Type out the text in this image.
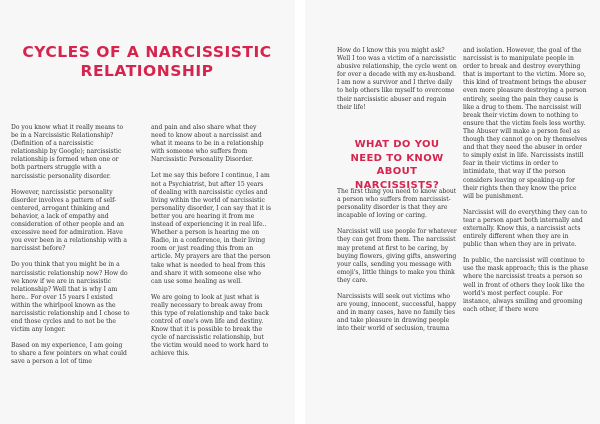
CYCLES OF A NARCISSISTIC RELATIONSHIP

Do you know what it really means to be in a Narcissistic Relationship? (Definition of a narcissistic relationship by Google); narcissistic relationship is formed when one or both partners struggle with a narcissistic personality disorder.

However, narcissistic personality disorder involves a pattern of self-centered, arrogant thinking and behavior, a lack of empathy and consideration of other people and an excessive need for admiration. Have you ever been in a relationship with a narcissist before?

Do you think that you might be in a narcissistic relationship now? How do we know if we are in narcissistic relationship? Well that is why I am here.. For over 15 years I existed within the whirlpool known as the narcissistic relationship and I chose to end those cycles and to not be the victim any longer.

Based on my experience, I am going to share a few pointers on what could save a person a lot of time

and pain and also share what they need to know about a narcissist and what it means to be in a relationship with someone who suffers from Narcissistic Personality Disorder.

Let me say this before I continue, I am not a Psychiatrist, but after 15 years of dealing with narcissistic cycles and living within the world of narcissistic personality disorder, I can say that it is better you are hearing it from me instead of experiencing it in real life.. Whether a person is hearing me on Radio, in a conference, in their living room or just reading this from an article. My prayers are that the person take what is needed to heal from this and share it with someone else who can use some healing as well.

We are going to look at just what is really necessary to break away from this type of relationship and take back control of one's own life and destiny. Know that it is possible to break the cycle of narcissistic relationship, but the victim would need to work hard to achieve this.

How do I know this you might ask? Well I too was a victim of a narcissistic abusive relationship, the cycle went on for over a decade with my ex-husband. I am now a survivor and I thrive daily to help others like myself to overcome their narcissistic abuser and regain their life!

WHAT DO YOU NEED TO KNOW ABOUT NARCISSISTS?

The first thing you need to know about a person who suffers from narcissist-personality disorder is that they are incapable of loving or caring.

Narcissist will use people for whatever they can get from them. The narcissist may pretend at first to be caring, by buying flowers, giving gifts, answering your calls, sending you message with emoji's, little things to make you think they care.

Narcissists will seek out victims who are young, innocent, successful, happy and in many cases, have no family ties and take pleasure in drawing people into their world of seclusion, trauma

and isolation. However, the goal of the narcissist is to manipulate people in order to break and destroy everything that is important to the victim. More so, this kind of treatment brings the abuser even more pleasure destroying a person entirely, seeing the pain they cause is like a drug to them. The narcissist will break their victim down to nothing to ensure that the victim feels less worthy. The Abuser will make a person feel as though they cannot go on by themselves and that they need the abuser in order to simply exist in life. Narcissists instill fear in their victims in order to intimidate, that way if the person considers leaving or speaking-up for their rights then they know the price will be punishment.

Narcissist will do everything they can to tear a person apart both internally and externally. Know this, a narcissist acts entirely different when they are in public than when they are in private.

In public, the narcissist will continue to use the mask approach; this is the phase where the narcissist treats a person so well in front of others they look like the world's most perfect couple. For instance, always smiling and grooming each other, if there were
